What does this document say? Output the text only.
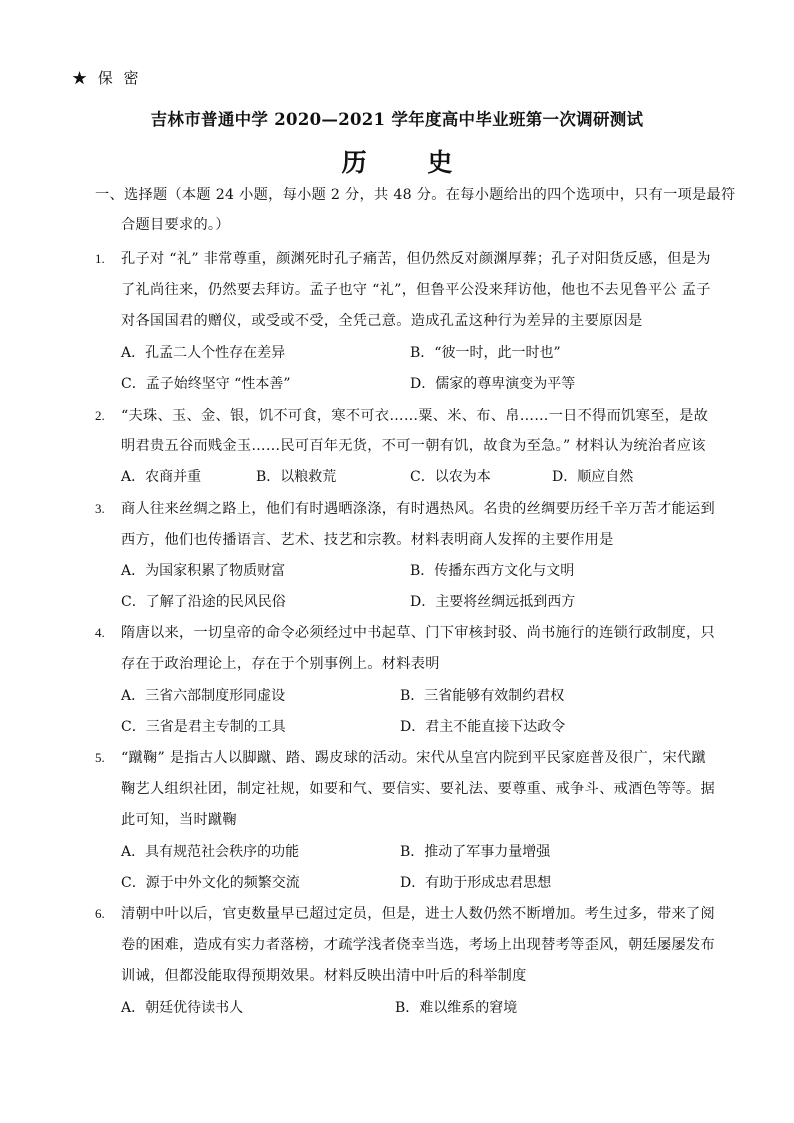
★ 保 密
吉林市普通中学 2020—2021 学年度高中毕业班第一次调研测试
历 史
一、选择题（本题 24 小题，每小题 2 分，共 48 分。在每小题给出的四个选项中，只有一项是最符
合题目要求的。）
1. 孔子对 “礼” 非常尊重，颜渊死时孔子痛苦，但仍然反对颜渊厚葬；孔子对阳货反感，但是为
了礼尚往来，仍然要去拜访。孟子也守 “礼”，但鲁平公没来拜访他，他也不去见鲁平公 孟子
对各国国君的赠仪，或受或不受，全凭己意。造成孔孟这种行为差异的主要原因是
A．孔孟二人个性存在差异	B．“彼一时，此一时也”
C．孟子始终坚守 “性本善”	D．儒家的尊卑演变为平等
2. “夫珠、玉、金、银，饥不可食，寒不可衣……粟、米、布、帛……一日不得而饥寒至，是故
明君贵五谷而贱金玉……民可百年无货，不可一朝有饥，故食为至急。” 材料认为统治者应该
A．农商并重	B．以粮救荒	C．以农为本	D．顺应自然
3. 商人往来丝绸之路上，他们有时遇晒涤涤，有时遇热风。名贵的丝绸要历经千辛万苦才能运到
西方，他们也传播语言、艺术、技艺和宗教。材料表明商人发挥的主要作用是
A．为国家积累了物质财富	B．传播东西方文化与文明
C．了解了沿途的民风民俗	D．主要将丝绸远抵到西方
4. 隋唐以来，一切皇帝的命令必须经过中书起草、门下审核封驳、尚书施行的连锁行政制度，只
存在于政治理论上，存在于个别事例上。材料表明
A．三省六部制度形同虚设	B．三省能够有效制约君权
C．三省是君主专制的工具	D．君主不能直接下达政令
5. “蹴鞠” 是指古人以脚蹴、踏、踢皮球的活动。宋代从皇宫内院到平民家庭普及很广，宋代蹴
鞠艺人组织社团，制定社规，如要和气、要信实、要礼法、要尊重、戒争斗、戒酒色等等。据
此可知，当时蹴鞠
A．具有规范社会秩序的功能	B．推动了军事力量增强
C．源于中外文化的频繁交流	D．有助于形成忠君思想
6. 清朝中叶以后，官吏数量早已超过定员，但是，进士人数仍然不断增加。考生过多，带来了阅
卷的困难，造成有实力者落榜，才疏学浅者侥幸当选，考场上出现替考等歪风，朝廷屡屡发布
训诫，但都没能取得预期效果。材料反映出清中叶后的科举制度
A．朝廷优待读书人	B．难以维系的窘境
